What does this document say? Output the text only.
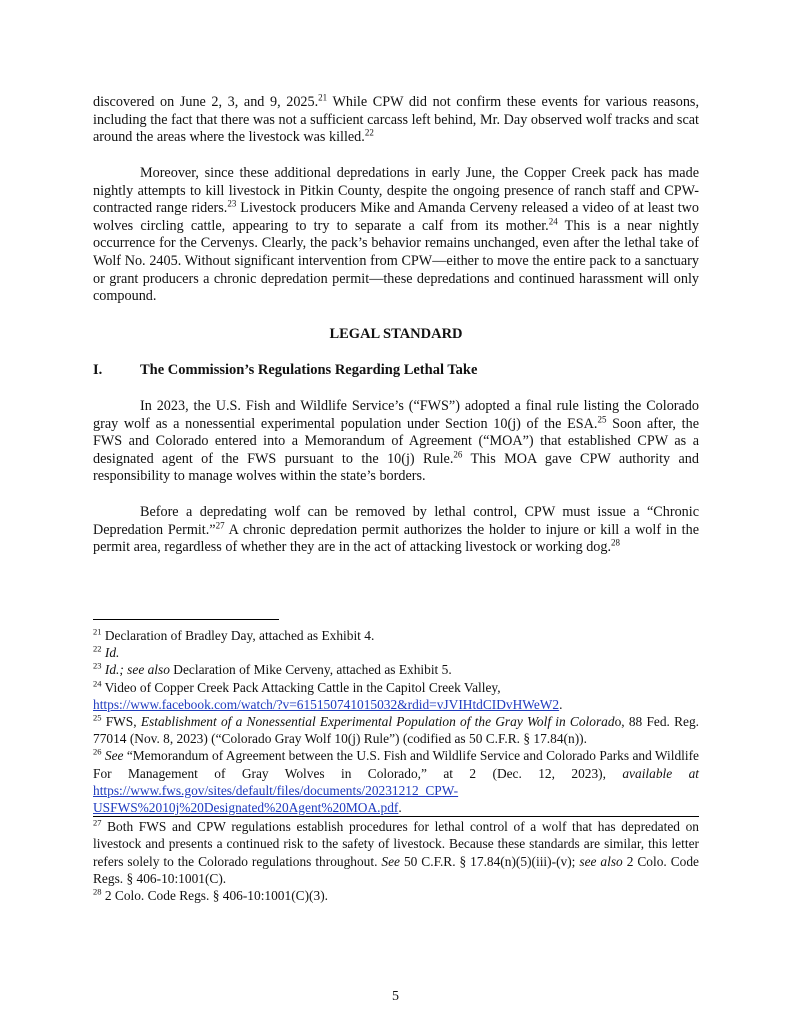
discovered on June 2, 3, and 9, 2025.21 While CPW did not confirm these events for various reasons, including the fact that there was not a sufficient carcass left behind, Mr. Day observed wolf tracks and scat around the areas where the livestock was killed.$^{22}$

Moreover, since these additional depredations in early June, the Copper Creek pack has made nightly attempts to kill livestock in Pitkin County, despite the ongoing presence of ranch staff and CPW-contracted range riders.$^{23}$ Livestock producers Mike and Amanda Cerveny released a video of at least two wolves circling cattle, appearing to try to separate a calf from its mother.$^{24}$ This is a near nightly occurrence for the Cervenys. Clearly, the pack’s behavior remains unchanged, even after the lethal take of Wolf No. 2405. Without significant intervention from CPW—either to move the entire pack to a sanctuary or grant producers a chronic depredation permit—these depredations and continued harassment will only compound.

LEGAL STANDARD

I.	The Commission’s Regulations Regarding Lethal Take

In 2023, the U.S. Fish and Wildlife Service’s (“FWS”) adopted a final rule listing the Colorado gray wolf as a nonessential experimental population under Section 10(j) of the ESA.$^{25}$ Soon after, the FWS and Colorado entered into a Memorandum of Agreement (“MOA”) that established CPW as a designated agent of the FWS pursuant to the 10(j) Rule.$^{26}$ This MOA gave CPW authority and responsibility to manage wolves within the state’s borders.

Before a depredating wolf can be removed by lethal control, CPW must issue a “Chronic Depredation Permit.”$^{27}$ A chronic depredation permit authorizes the holder to injure or kill a wolf in the permit area, regardless of whether they are in the act of attacking livestock or working dog.$^{28}$

$^{21}$ Declaration of Bradley Day, attached as Exhibit 4.

$^{22}$ Id.

$^{23}$ Id.; see also Declaration of Mike Cerveny, attached as Exhibit 5.

$^{24}$ Video of Copper Creek Pack Attacking Cattle in the Capitol Creek Valley,
https://www.facebook.com/watch/?v=615150741015032&rdid=vJVIHtdCIDvHWeW2.

$^{25}$ FWS, Establishment of a Nonessential Experimental Population of the Gray Wolf in Colorado, 88 Fed. Reg. 77014 (Nov. 8, 2023) (“Colorado Gray Wolf 10(j) Rule”) (codified as 50 C.F.R. § 17.84(n)).

$^{26}$ See “Memorandum of Agreement between the U.S. Fish and Wildlife Service and Colorado Parks and Wildlife For Management of Gray Wolves in Colorado,” at 2 (Dec. 12, 2023), available at https://www.fws.gov/sites/default/files/documents/20231212_CPW-

USFWS%2010j%20Designated%20Agent%20MOA.pdf.

$^{27}$ Both FWS and CPW regulations establish procedures for lethal control of a wolf that has depredated on livestock and presents a continued risk to the safety of livestock. Because these standards are similar, this letter refers solely to the Colorado regulations throughout. See 50 C.F.R. § 17.84(n)(5)(iii)-(v); see also 2 Colo. Code Regs. § 406-10:1001(C).

$^{28}$ 2 Colo. Code Regs. § 406-10:1001(C)(3).

5
